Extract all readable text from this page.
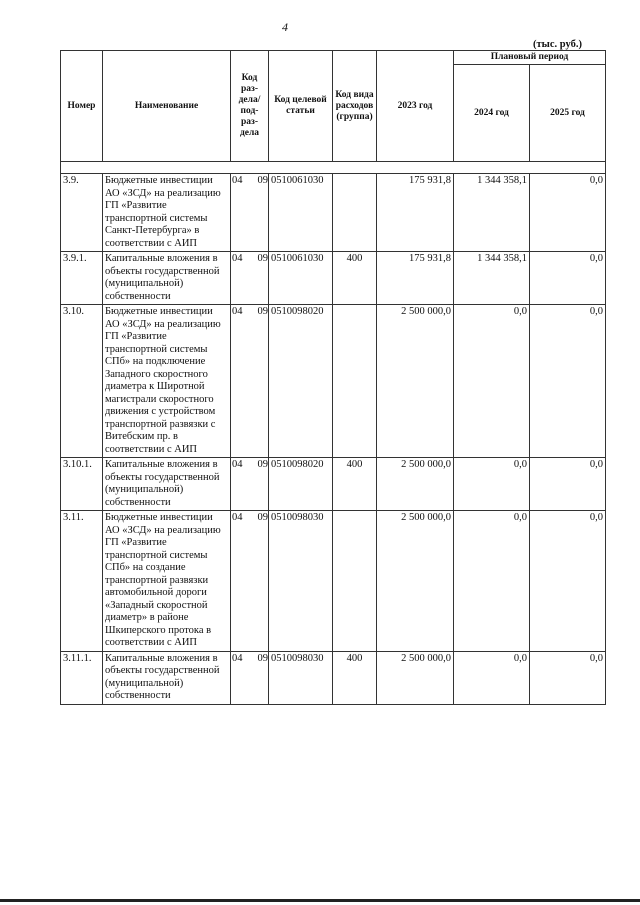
4
(тыс. руб.)
Номер	Наименование	Код раз-дела/ под-раз-дела	Код целевой статьи	Код вида расходов (группа)	2023 год	Плановый период	
						2024 год	2025 год

3.9.	Бюджетные инвестиции АО «ЗСД» на реализацию ГП «Развитие транспортной системы Санкт-Петербурга» в соответствии с АИП	04 09	0510061030		175 931,8	1 344 358,1	0,0
3.9.1.	Капитальные вложения в объекты государственной (муниципальной) собственности	04 09	0510061030	400	175 931,8	1 344 358,1	0,0
3.10.	Бюджетные инвестиции АО «ЗСД» на реализацию ГП «Развитие транспортной системы СПб» на подключение Западного скоростного диаметра к Широтной магистрали скоростного движения с устройством транспортной развязки с Витебским пр. в соответствии с АИП	04 09	0510098020		2 500 000,0	0,0	0,0
3.10.1.	Капитальные вложения в объекты государственной (муниципальной) собственности	04 09	0510098020	400	2 500 000,0	0,0	0,0
3.11.	Бюджетные инвестиции АО «ЗСД» на реализацию ГП «Развитие транспортной системы СПб» на создание транспортной развязки автомобильной дороги «Западный скоростной диаметр» в районе Шкиперского протока в соответствии с АИП	04 09	0510098030		2 500 000,0	0,0	0,0
3.11.1.	Капитальные вложения в объекты государственной (муниципальной) собственности	04 09	0510098030	400	2 500 000,0	0,0	0,0
